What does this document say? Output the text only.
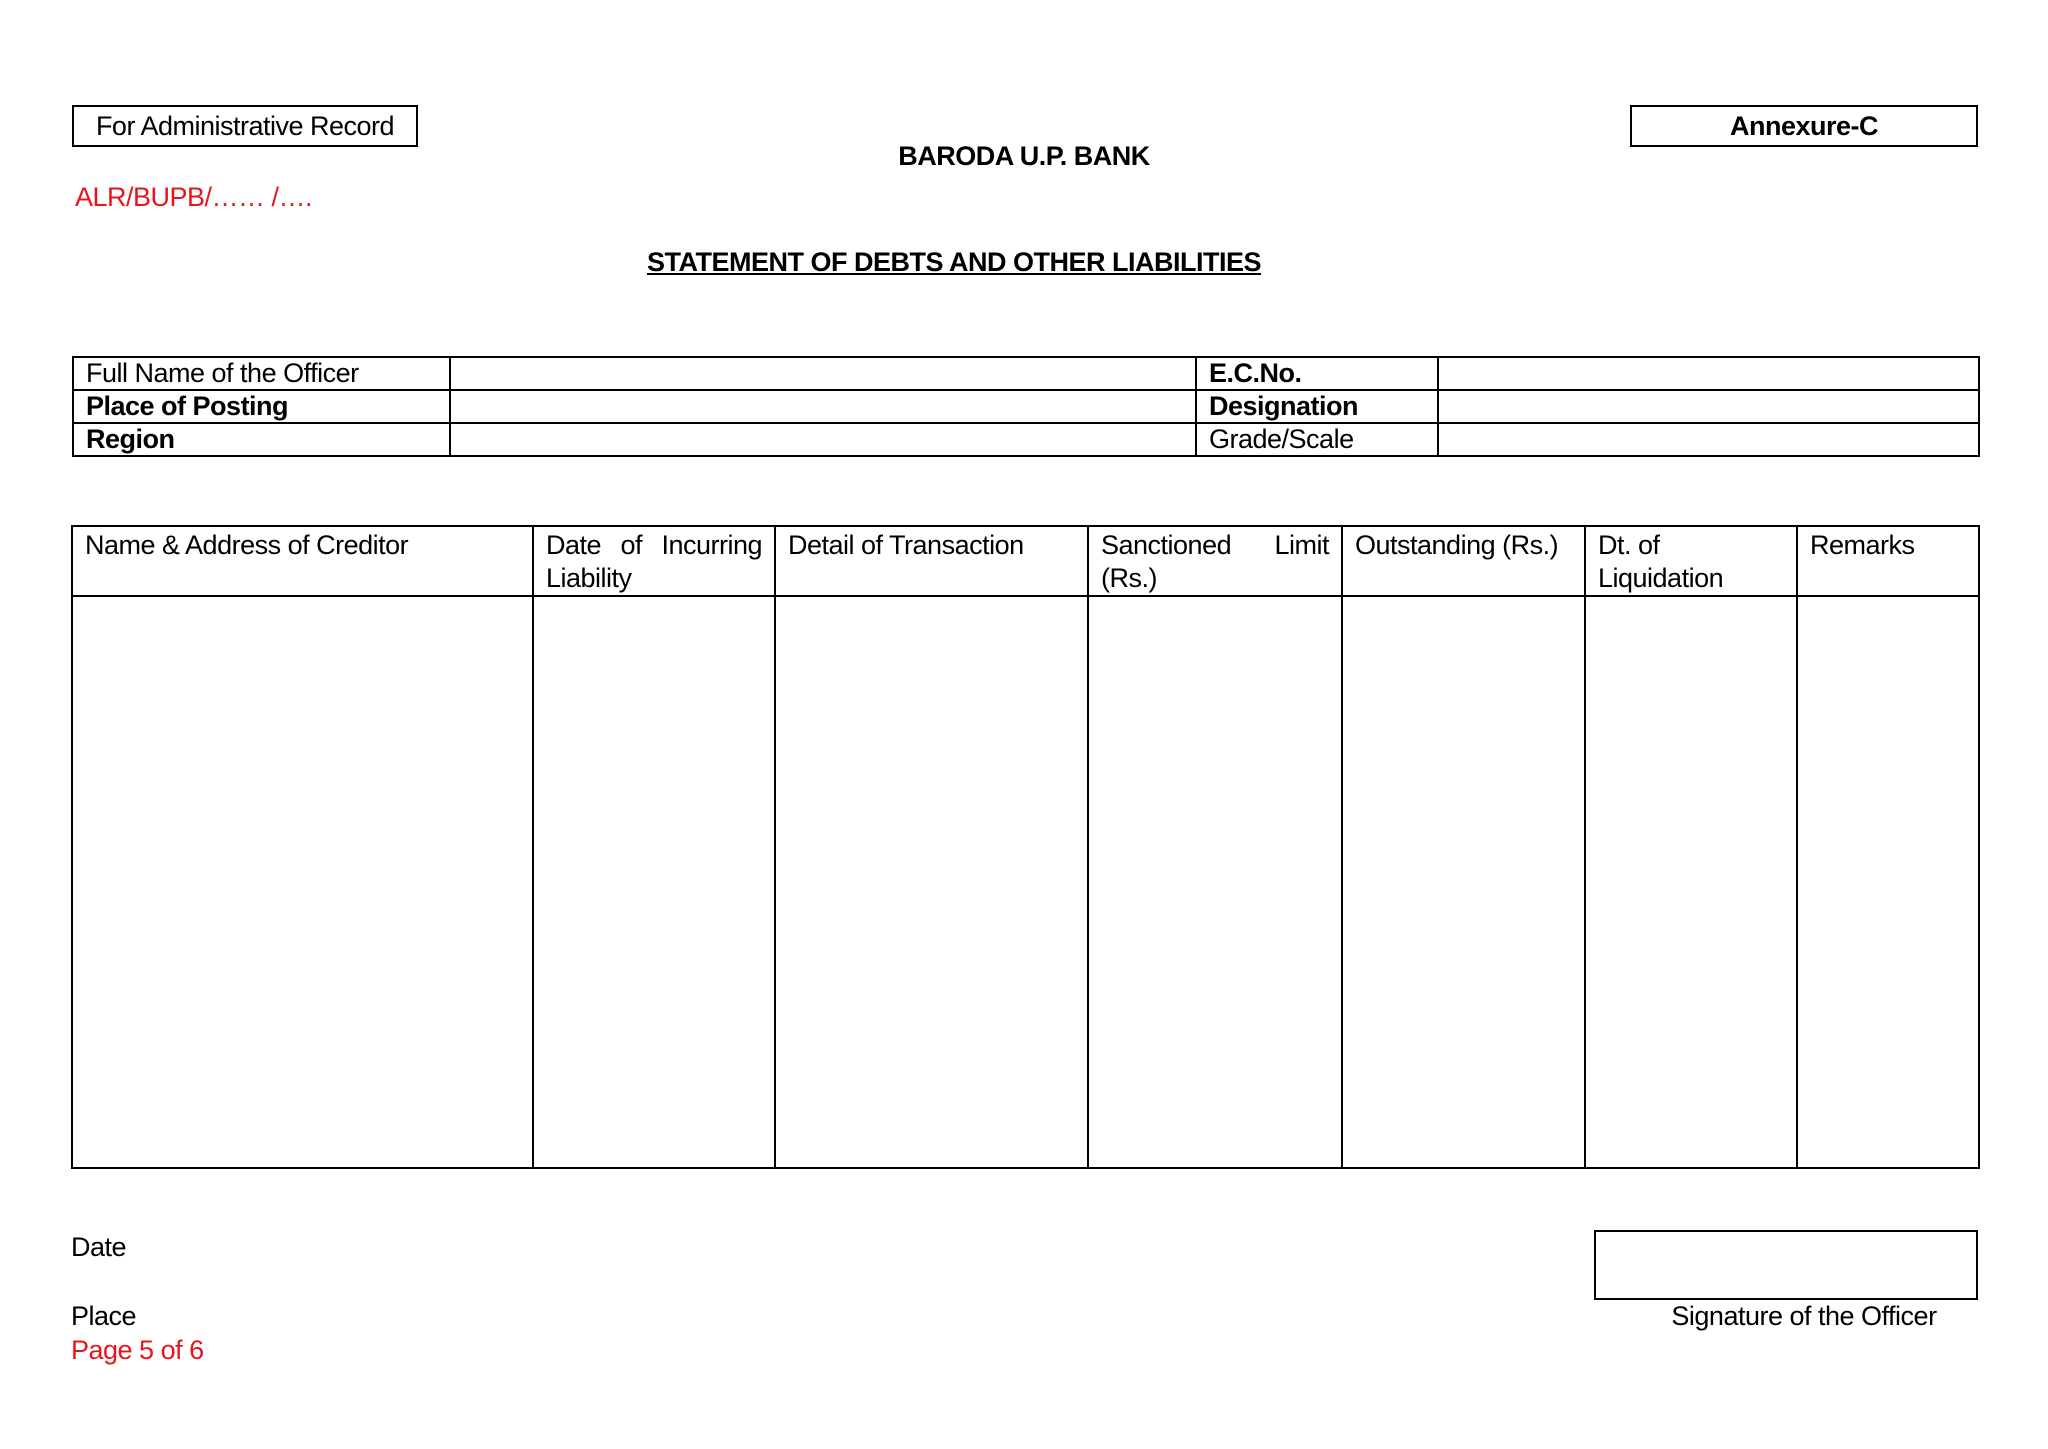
For Administrative Record	Annexure-C
BARODA U.P. BANK
ALR/BUPB/…… /….
STATEMENT OF DEBTS AND OTHER LIABILITIES
Full Name of the Officer		E.C.No.	
Place of Posting		Designation	
Region		Grade/Scale	
Name & Address of Creditor	Date of Incurring Liability	Detail of Transaction	Sanctioned Limit (Rs.)	Outstanding (Rs.)	Dt. of Liquidation	Remarks

Date
Place
Page 5 of 6
Signature of the Officer
